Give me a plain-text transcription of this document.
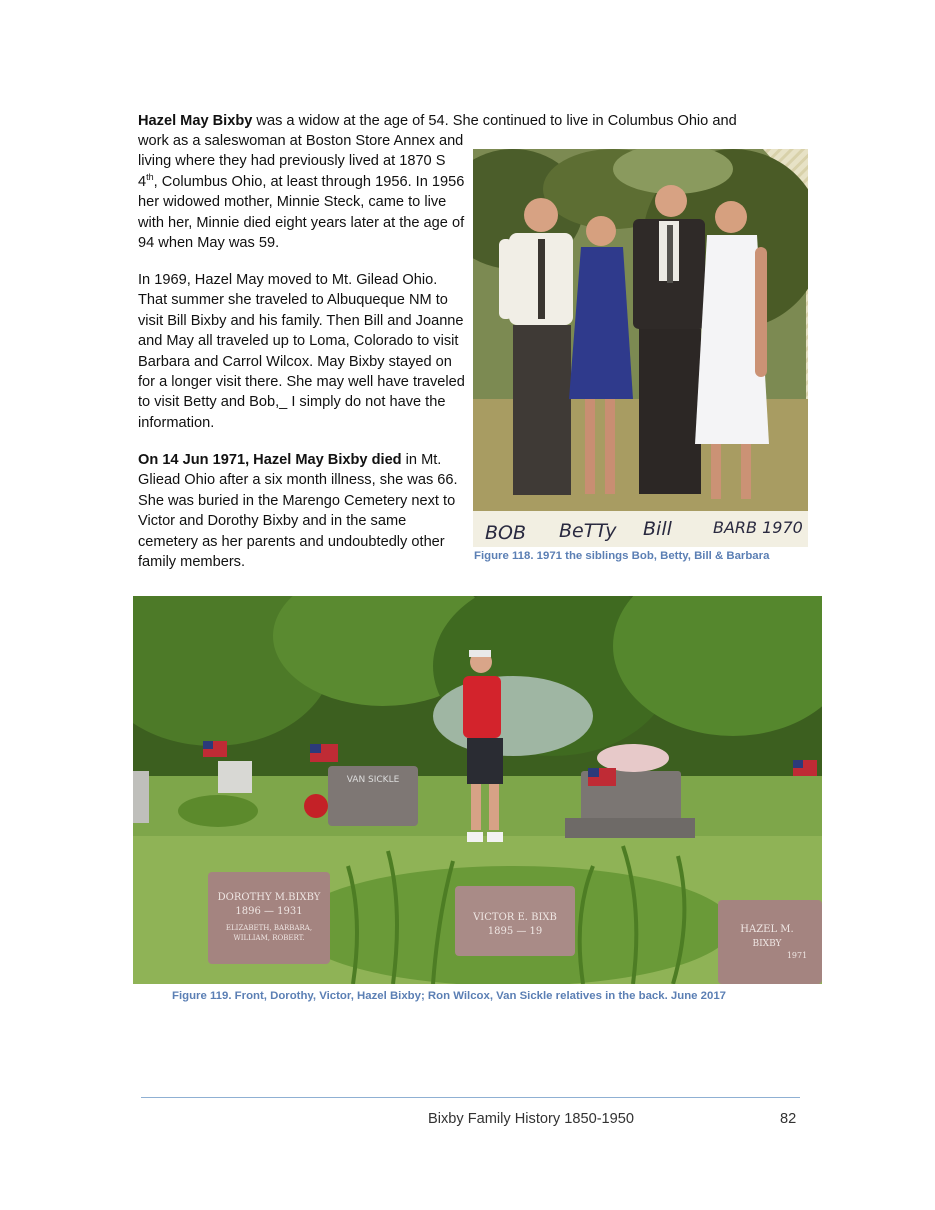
Hazel May Bixby was a widow at the age of 54. She continued to live in Columbus Ohio and
work as a saleswoman at Boston Store Annex and living where they had previously lived at 1870 S 4th, Columbus Ohio, at least through 1956. In 1956 her widowed mother, Minnie Steck, came to live with her, Minnie died eight years later at the age of 94 when May was 59.
In 1969, Hazel May moved to Mt. Gilead Ohio. That summer she traveled to Albuqueque NM to visit Bill Bixby and his family. Then Bill and Joanne and May all traveled up to Loma, Colorado to visit Barbara and Carrol Wilcox. May Bixby stayed on for a longer visit there. She may well have traveled to visit Betty and Bob,_ I simply do not have the information.
On 14 Jun 1971, Hazel May Bixby died in Mt. Gliead Ohio after a six month illness, she was 66. She was buried in the Marengo Cemetery next to Victor and Dorothy Bixby and in the same cemetery as her parents and undoubtedly other family members.
BOB BeTTy Bill	BARB 1970
Figure 118. 1971 the siblings Bob, Betty, Bill & Barbara
VAN SICKLE
DOROTHY M.BIXBY
1896 — 1931
ELIZABETH, BARBARA,
WILLIAM, ROBERT.
VICTOR E. BIXB
1895 — 19	HAZEL M.
BIXBY
1971
Figure 119. Front, Dorothy, Victor, Hazel Bixby; Ron Wilcox, Van Sickle relatives in the back. June 2017
Bixby Family History 1850-1950	82
